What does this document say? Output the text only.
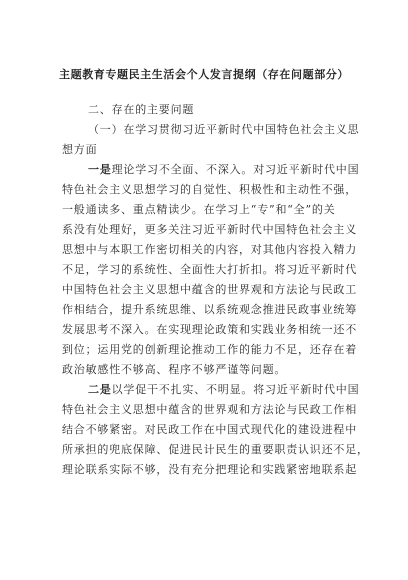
主题教育专题民主生活会个人发言提纲（存在问题部分）
二、存在的主要问题
（一）在学习贯彻习近平新时代中国特色社会主义思
想方面
一是理论学习不全面、不深入。对习近平新时代中国
特色社会主义思想学习的自觉性、积极性和主动性不强，
一般通读多、重点精读少。在学习上“专”和“全”的关
系没有处理好，更多关注习近平新时代中国特色社会主义
思想中与本职工作密切相关的内容，对其他内容投入精力
不足，学习的系统性、全面性大打折扣。将习近平新时代
中国特色社会主义思想中蕴含的世界观和方法论与民政工
作相结合，提升系统思维、以系统观念推进民政事业统筹
发展思考不深入。在实现理论政策和实践业务相统一还不
到位；运用党的创新理论推动工作的能力不足，还存在着
政治敏感性不够高、程序不够严谨等问题。
二是以学促干不扎实、不明显。将习近平新时代中国
特色社会主义思想中蕴含的世界观和方法论与民政工作相
结合不够紧密。对民政工作在中国式现代化的建设进程中
所承担的兜底保障、促进民计民生的重要职责认识还不足，
理论联系实际不够，没有充分把理论和实践紧密地联系起
